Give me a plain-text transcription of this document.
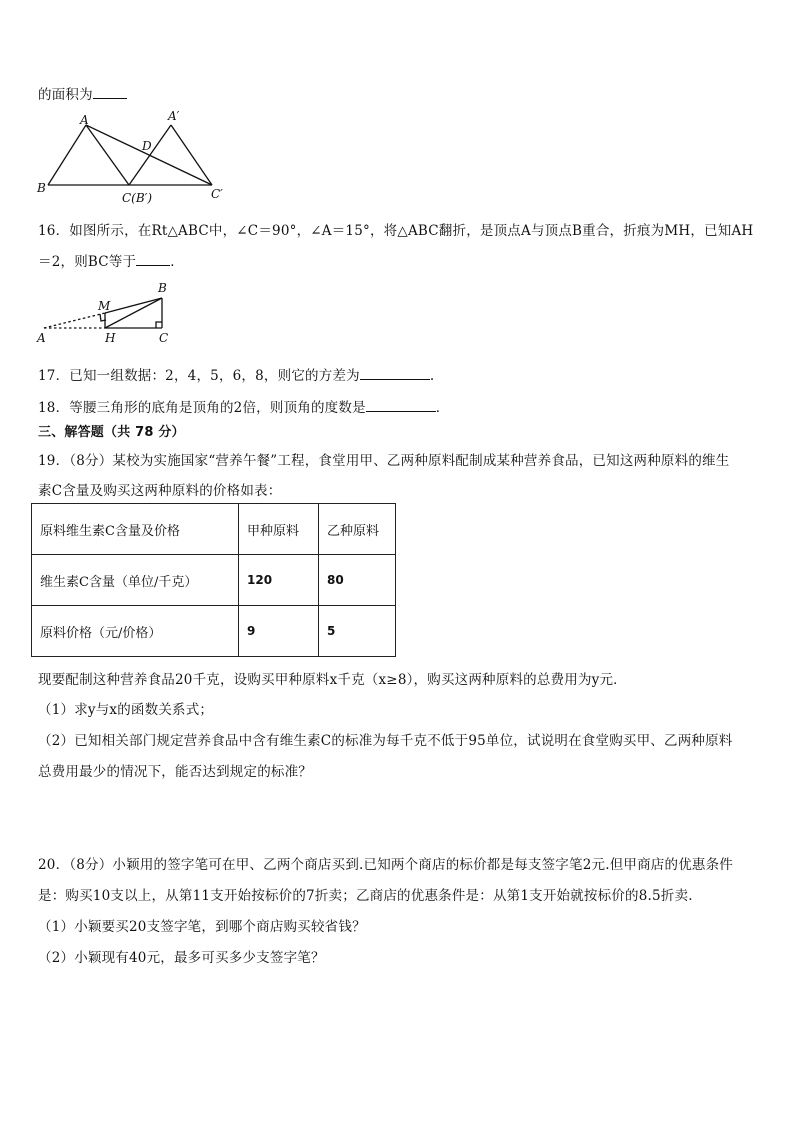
的面积为
A	A′
D
B
C(B′)	C′
16．如图所示，在Rt△ABC中，∠C＝90°，∠A＝15°，将△ABC翻折，是顶点A与顶点B重合，折痕为MH，已知AH
＝2，则BC等于	．
M
B
A	H	C
17．已知一组数据：2，4，5，6，8，则它的方差为	.
18．等腰三角形的底角是顶角的2倍，则顶角的度数是	．
三、解答题（共 78 分）
19．（8分）某校为实施国家“营养午餐”工程，食堂用甲、乙两种原料配制成某种营养食品，已知这两种原料的维生
素C含量及购买这两种原料的价格如表：
原料维生素C含量及价格	甲种原料	乙种原料
维生素C含量（单位/千克）	120	80
原料价格（元/价格）	9	5
现要配制这种营养食品20千克，设购买甲种原料x千克（x≥8），购买这两种原料的总费用为y元．
（1）求y与x的函数关系式；
（2）已知相关部门规定营养食品中含有维生素C的标准为每千克不低于95单位，试说明在食堂购买甲、乙两种原料
总费用最少的情况下，能否达到规定的标准？
20．（8分）小颖用的签字笔可在甲、乙两个商店买到.已知两个商店的标价都是每支签字笔2元.但甲商店的优惠条件
是：购买10支以上，从第11支开始按标价的7折卖；乙商店的优惠条件是：从第1支开始就按标价的8.5折卖.
（1）小颖要买20支签字笔，到哪个商店购买较省钱？
（2）小颖现有40元，最多可买多少支签字笔？
